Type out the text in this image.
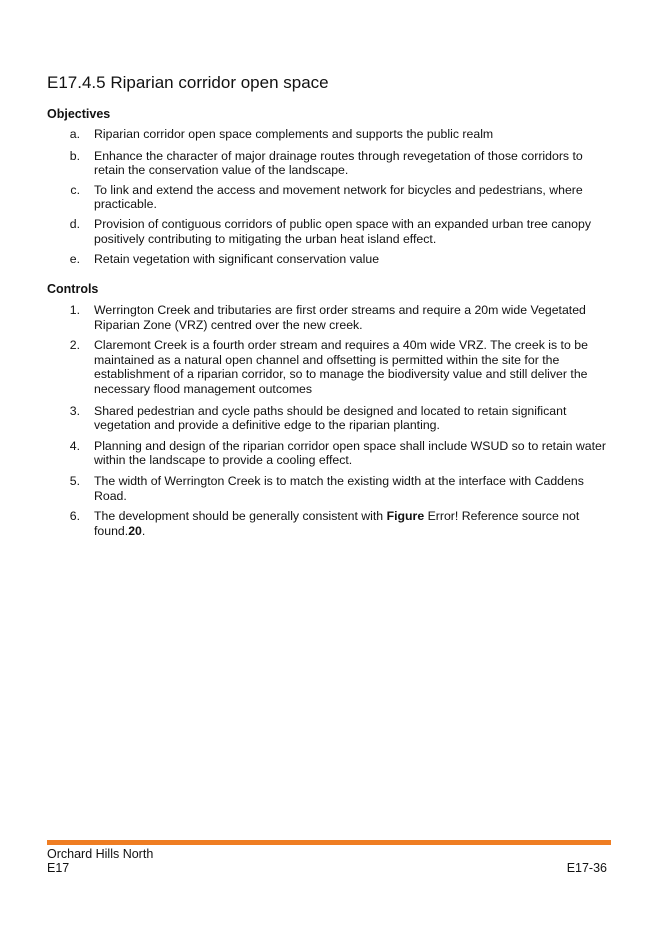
E17.4.5 Riparian corridor open space
Objectives
a. Riparian corridor open space complements and supports the public realm
b. Enhance the character of major drainage routes through revegetation of those corridors to retain the conservation value of the landscape.
c. To link and extend the access and movement network for bicycles and pedestrians, where practicable.
d. Provision of contiguous corridors of public open space with an expanded urban tree canopy positively contributing to mitigating the urban heat island effect.
e. Retain vegetation with significant conservation value
Controls
1. Werrington Creek and tributaries are first order streams and require a 20m wide Vegetated Riparian Zone (VRZ) centred over the new creek.
2. Claremont Creek is a fourth order stream and requires a 40m wide VRZ. The creek is to be maintained as a natural open channel and offsetting is permitted within the site for the establishment of a riparian corridor, so to manage the biodiversity value and still deliver the necessary flood management outcomes
3. Shared pedestrian and cycle paths should be designed and located to retain significant vegetation and provide a definitive edge to the riparian planting.
4. Planning and design of the riparian corridor open space shall include WSUD so to retain water within the landscape to provide a cooling effect.
5. The width of Werrington Creek is to match the existing width at the interface with Caddens Road.
6. The development should be generally consistent with Figure Error! Reference source not found.20.
Orchard Hills North
E17	E17-36
